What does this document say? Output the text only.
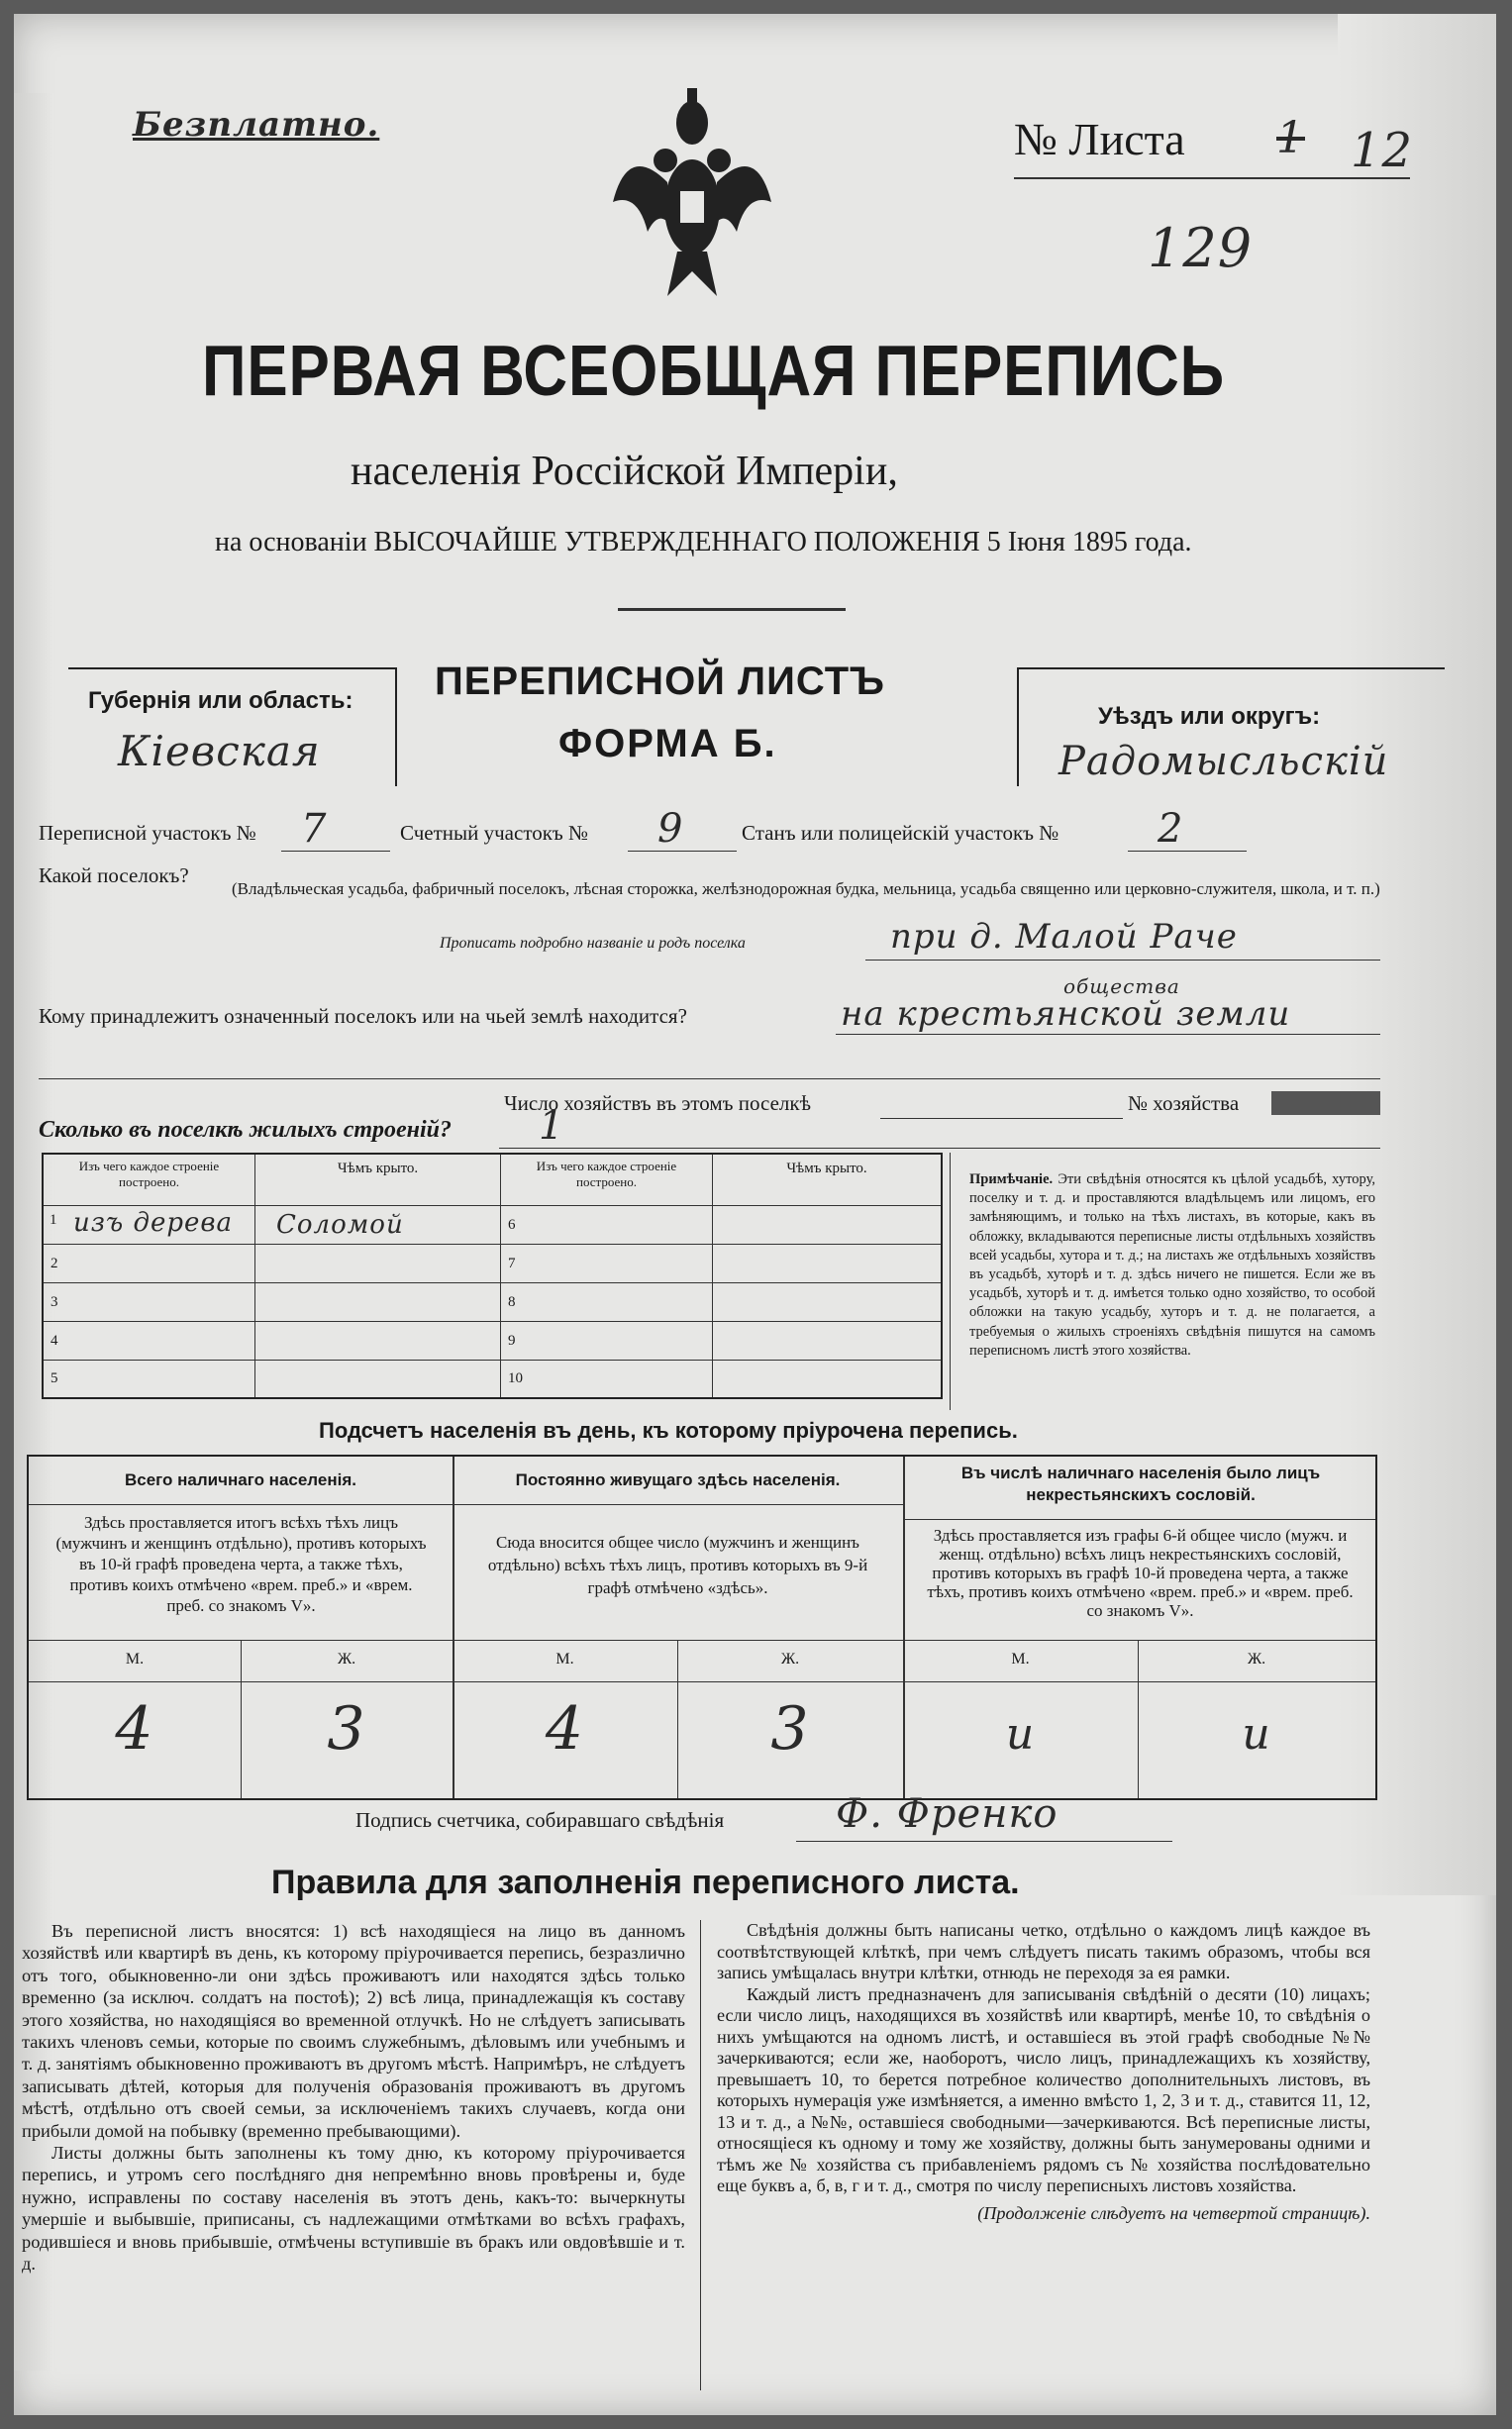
Безплатно.	№ Листа 1 12
129
ПЕРВАЯ ВСЕОБЩАЯ ПЕРЕПИСЬ
населенія Россійской Имперіи,
на основаніи ВЫСОЧАЙШЕ УТВЕРЖДЕННАГО ПОЛОЖЕНІЯ 5 Іюня 1895 года.
Губернія или область:
Кіевская
ПЕРЕПИСНОЙ ЛИСТЪ
ФОРМА Б.
Уѣздъ или округъ:
Радомысльскій
Переписной участокъ № 7	Счетный участокъ № 9	Станъ или полицейскій участокъ № 2
Какой поселокъ?
(Владѣльческая усадьба, фабричный поселокъ, лѣсная сторожка, желѣзнодорожная будка, мельница, усадьба священно или церковно-служителя, школа, и т. п.)
Прописать подробно названіе и родъ поселка	при д. Малой Раче
Кому принадлежитъ означенный поселокъ или на чьей землѣ находится?
общества
на крестьянской земли
Число хозяйствъ въ этомъ поселкѣ	№ хозяйства
Сколько въ поселкѣ жилыхъ строеній? 1
Изъ чего каждое строеніе построено.	Чѣмъ крыто.	Изъ чего каждое строеніе построено.	Чѣмъ крыто.

1 изъ дерева	Соломой	6	
2		7	
3		8	
4		9	
5		10	
Примѣчаніе. Эти свѣдѣнія относятся къ цѣлой усадьбѣ, хутору, поселку и т. д. и проставляются владѣльцемъ или лицомъ, его замѣняющимъ, и только на тѣхъ листахъ, въ которые, какъ въ обложку, вкладываются переписные листы отдѣльныхъ хозяйствъ всей усадьбы, хутора и т. д.; на листахъ же отдѣльныхъ хозяйствъ въ усадьбѣ, хуторѣ и т. д. здѣсь ничего не пишется. Если же въ усадьбѣ, хуторѣ и т. д. имѣется только одно хозяйство, то особой обложки на такую усадьбу, хуторъ и т. д. не полагается, а требуемыя о жилыхъ строеніяхъ свѣдѣнія пишутся на самомъ переписномъ листѣ этого хозяйства.
Подсчетъ населенія въ день, къ которому пріурочена перепись.
Всего наличнаго населенія.
Здѣсь проставляется итогъ всѣхъ тѣхъ лицъ (мужчинъ и женщинъ отдѣльно), противъ которыхъ въ 10-й графѣ проведена черта, а также тѣхъ, противъ коихъ отмѣчено «врем. преб.» и «врем. преб. со знакомъ V».
Постоянно живущаго здѣсь населенія.
Сюда вносится общее число (мужчинъ и женщинъ отдѣльно) всѣхъ тѣхъ лицъ, противъ которыхъ въ 9-й графѣ отмѣчено «здѣсь».
Въ числѣ наличнаго населенія было лицъ некрестьянскихъ сословій.
Здѣсь проставляется изъ графы 6-й общее число (мужч. и женщ. отдѣльно) всѣхъ лицъ некрестьянскихъ сословій, противъ которыхъ въ графѣ 10-й проведена черта, а также тѣхъ, противъ коихъ отмѣчено «врем. преб.» и «врем. преб. со знакомъ V».
М.	Ж.	М.	Ж.	М.	Ж.
4	3	4	3	и	и
Подпись счетчика, собиравшаго свѣдѣнія	Ф. Френко
Правила для заполненія переписного листа.

Въ переписной листъ вносятся: 1) всѣ находящіеся на лицо въ данномъ хозяйствѣ или квартирѣ въ день, къ которому пріурочивается перепись, безразлично отъ того, обыкновенно-ли они здѣсь проживаютъ или находятся здѣсь только временно (за исключ. солдатъ на постоѣ); 2) всѣ лица, принадлежащія къ составу этого хозяйства, но находящіяся во временной отлучкѣ. Но не слѣдуетъ записывать такихъ членовъ семьи, которые по своимъ служебнымъ, дѣловымъ или учебнымъ и т. д. занятіямъ обыкновенно проживаютъ въ другомъ мѣстѣ. Напримѣръ, не слѣдуетъ записывать дѣтей, которыя для полученія образованія проживаютъ въ другомъ мѣстѣ, отдѣльно отъ своей семьи, за исключеніемъ такихъ случаевъ, когда они прибыли домой на побывку (временно пребывающими).

Листы должны быть заполнены къ тому дню, къ которому пріурочивается перепись, и утромъ сего послѣдняго дня непремѣнно вновь провѣрены и, буде нужно, исправлены по составу населенія въ этотъ день, какъ-то: вычеркнуты умершіе и выбывшіе, приписаны, съ надлежащими отмѣтками во всѣхъ графахъ, родившіеся и вновь прибывшіе, отмѣчены вступившіе въ бракъ или овдовѣвшіе и т. д.

Свѣдѣнія должны быть написаны четко, отдѣльно о каждомъ лицѣ каждое въ соотвѣтствующей клѣткѣ, при чемъ слѣдуетъ писать такимъ образомъ, чтобы вся запись умѣщалась внутри клѣтки, отнюдь не переходя за ея рамки.

Каждый листъ предназначенъ для записыванія свѣдѣній о десяти (10) лицахъ; если число лицъ, находящихся въ хозяйствѣ или квартирѣ, менѣе 10, то свѣдѣнія о нихъ умѣщаются на одномъ листѣ, и оставшіеся въ этой графѣ свободные №№ зачеркиваются; если же, наоборотъ, число лицъ, принадлежащихъ къ хозяйству, превышаетъ 10, то берется потребное количество дополнительныхъ листовъ, въ которыхъ нумерація уже измѣняется, а именно вмѣсто 1, 2, 3 и т. д., ставится 11, 12, 13 и т. д., а №№, оставшіеся свободными—зачеркиваются. Всѣ переписные листы, относящіеся къ одному и тому же хозяйству, должны быть занумерованы одними и тѣмъ же № хозяйства съ прибавленіемъ рядомъ съ № хозяйства послѣдовательно еще буквъ а, б, в, г и т. д., смотря по числу переписныхъ листовъ хозяйства.

(Продолженіе слѣдуетъ на четвертой страницѣ).
